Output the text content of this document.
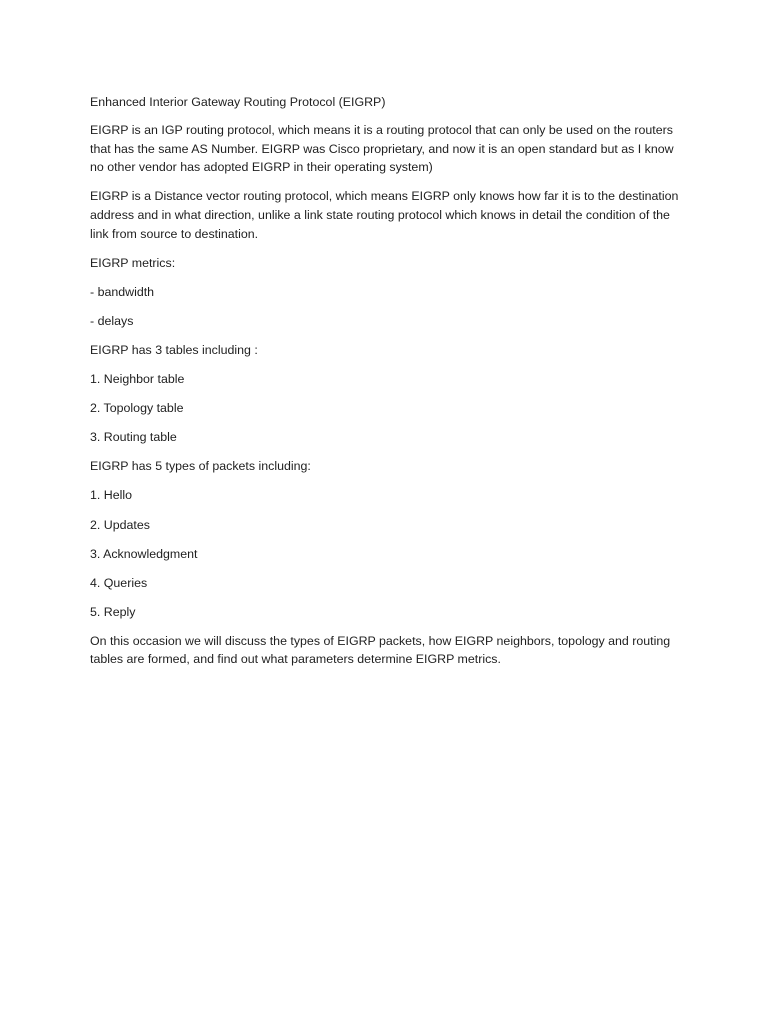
Enhanced Interior Gateway Routing Protocol (EIGRP)

EIGRP is an IGP routing protocol, which means it is a routing protocol that can only be used on the routers that has the same AS Number. EIGRP was Cisco proprietary, and now it is an open standard but as I know no other vendor has adopted EIGRP in their operating system)

EIGRP is a Distance vector routing protocol, which means EIGRP only knows how far it is to the destination address and in what direction, unlike a link state routing protocol which knows in detail the condition of the link from source to destination.

EIGRP metrics:

- bandwidth

- delays

EIGRP has 3 tables including :

1. Neighbor table

2. Topology table

3. Routing table

EIGRP has 5 types of packets including:

1. Hello

2. Updates

3. Acknowledgment

4. Queries

5. Reply

On this occasion we will discuss the types of EIGRP packets, how EIGRP neighbors, topology and routing tables are formed, and find out what parameters determine EIGRP metrics.
